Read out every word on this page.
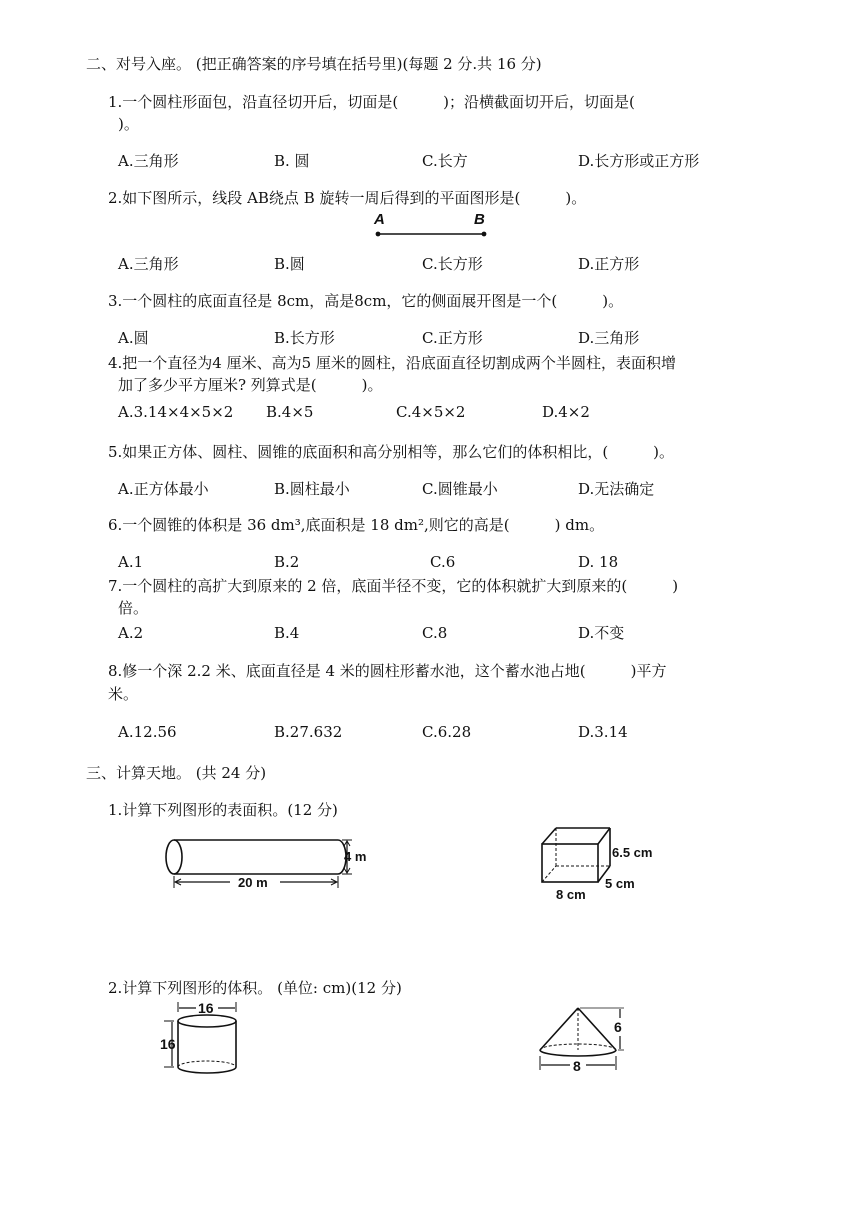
二、对号入座。 (把正确答案的序号填在括号里)(每题 2 分.共 16 分)
1.一个圆柱形面包，沿直径切开后，切面是(　　　)；沿横截面切开后，切面是(
)。
A.三角形	B. 圆	C.长方	D.长方形或正方形
2.如下图所示，线段 AB绕点 B 旋转一周后得到的平面图形是(　　　)。
A	B
A.三角形	B.圆	C.长方形	D.正方形
3.一个圆柱的底面直径是 8cm，高是8cm，它的侧面展开图是一个(　　　)。
A.圆	B.长方形	C.正方形	D.三角形
4.把一个直径为4 厘米、高为5 厘米的圆柱，沿底面直径切割成两个半圆柱，表面积增
加了多少平方厘米? 列算式是(　　　)。
A.3.14×4×5×2 B.4×5	C.4×5×2	D.4×2
5.如果正方体、圆柱、圆锥的底面积和高分别相等，那么它们的体积相比，(　　　)。
A.正方体最小	B.圆柱最小	C.圆锥最小	D.无法确定
6.一个圆锥的体积是 36 dm³,底面积是 18 dm²,则它的高是(　　　) dm。
A.1	B.2	C.6	D. 18
7.一个圆柱的高扩大到原来的 2 倍，底面半径不变，它的体积就扩大到原来的(　　　)
倍。
A.2	B.4	C.8	D.不变
8.修一个深 2.2 米、底面直径是 4 米的圆柱形蓄水池，这个蓄水池占地(　　　)平方
米。
A.12.56	B.27.632	C.6.28	D.3.14
三、计算天地。 (共 24 分)
1.计算下列图形的表面积。(12 分)
4 m
20 m
6.5 cm
5 cm
8 cm
2.计算下列图形的体积。 (单位: cm)(12 分)
16
16
6
8
